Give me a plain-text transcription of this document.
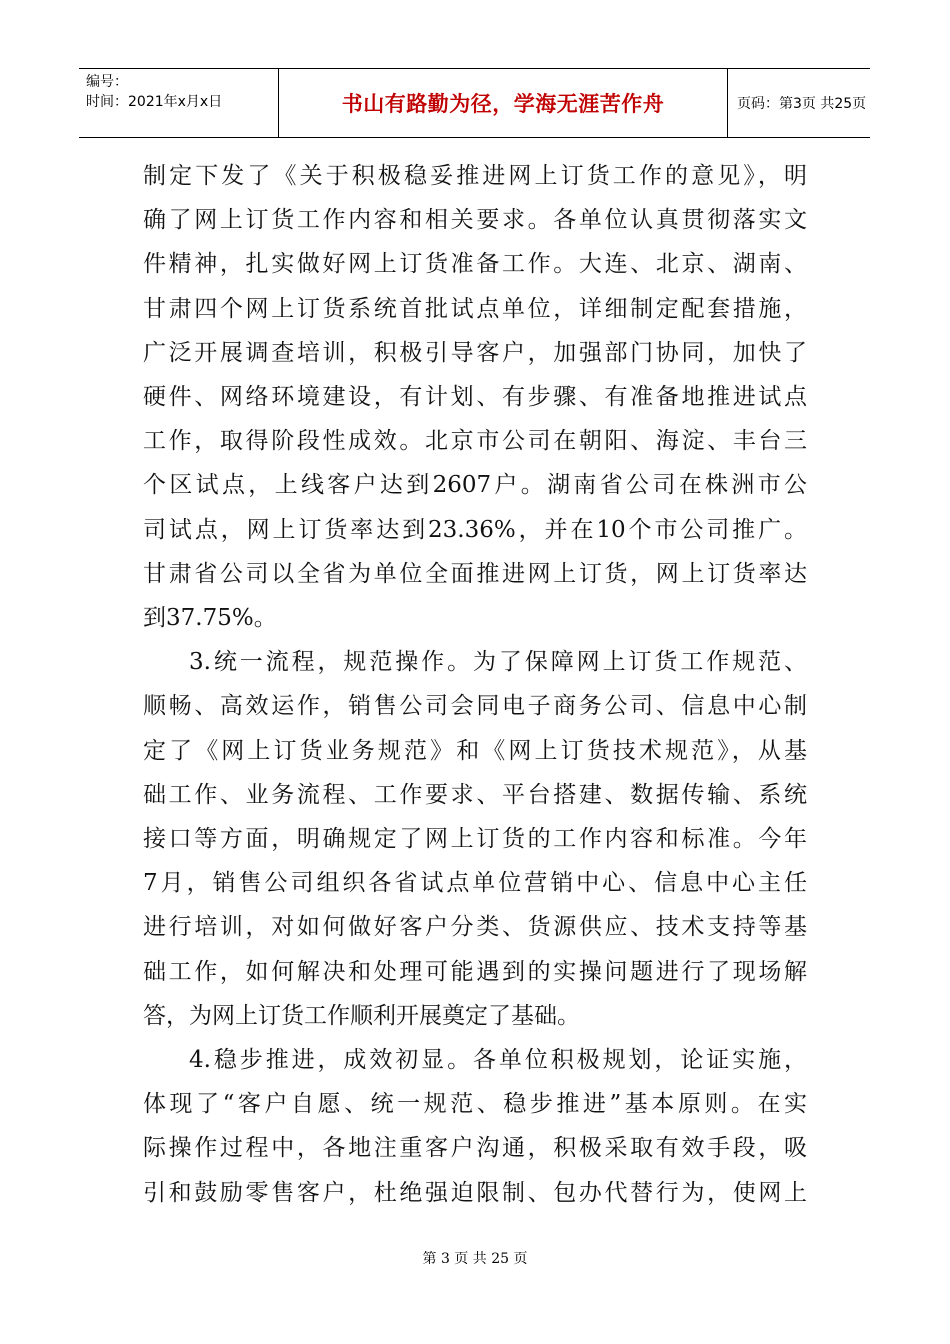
编号：
时间：2021年x月x日	书山有路勤为径，学海无涯苦作舟	页码：第3页 共25页

制定下发了《关于积极稳妥推进网上订货工作的意见》，明

确了网上订货工作内容和相关要求。各单位认真贯彻落实文

件精神，扎实做好网上订货准备工作。大连、北京、湖南、

甘肃四个网上订货系统首批试点单位，详细制定配套措施，

广泛开展调查培训，积极引导客户，加强部门协同，加快了

硬件、网络环境建设，有计划、有步骤、有准备地推进试点

工作，取得阶段性成效。北京市公司在朝阳、海淀、丰台三

个区试点，上线客户达到2607户。湖南省公司在株洲市公

司试点，网上订货率达到23.36%，并在10个市公司推广。

甘肃省公司以全省为单位全面推进网上订货，网上订货率达

到37.75%。

3.统一流程，规范操作。为了保障网上订货工作规范、

顺畅、高效运作，销售公司会同电子商务公司、信息中心制

定了《网上订货业务规范》和《网上订货技术规范》，从基

础工作、业务流程、工作要求、平台搭建、数据传输、系统

接口等方面，明确规定了网上订货的工作内容和标准。今年

7月，销售公司组织各省试点单位营销中心、信息中心主任

进行培训，对如何做好客户分类、货源供应、技术支持等基

础工作，如何解决和处理可能遇到的实操问题进行了现场解

答，为网上订货工作顺利开展奠定了基础。

4.稳步推进，成效初显。各单位积极规划，论证实施，

体现了“客户自愿、统一规范、稳步推进”基本原则。在实

际操作过程中，各地注重客户沟通，积极采取有效手段，吸

引和鼓励零售客户，杜绝强迫限制、包办代替行为，使网上

第 3 页 共 25 页
